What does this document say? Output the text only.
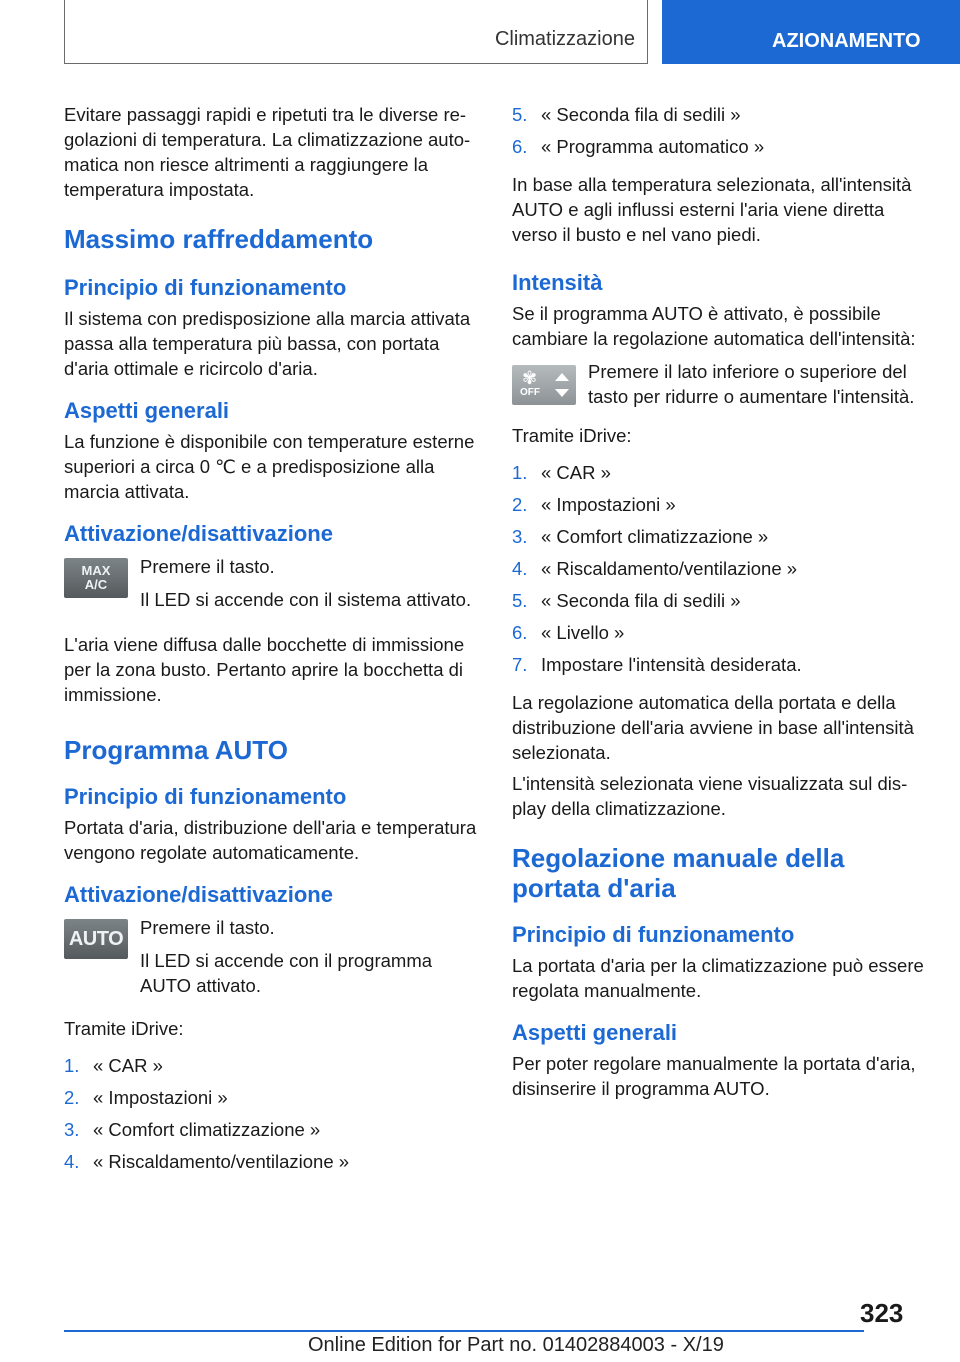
Climatizzazione	AZIONAMENTO

Evitare passaggi rapidi e ripetuti tra le diverse regolazioni di temperatura. La climatizzazione automatica non riesce altrimenti a raggiungere la temperatura impostata.

Massimo raffreddamento
Principio di funzionamento

Il sistema con predisposizione alla marcia attivata passa alla temperatura più bassa, con portata d'aria ottimale e ricircolo d'aria.

Aspetti generali

La funzione è disponibile con temperature esterne superiori a circa 0 ℃ e a predisposizione alla marcia attivata.

Attivazione/disattivazione
MAX
A/C
Premere il tasto.
Il LED si accende con il sistema attivato.

L'aria viene diffusa dalle bocchette di immissione per la zona busto. Pertanto aprire la bocchetta di immissione.

Programma AUTO
Principio di funzionamento

Portata d'aria, distribuzione dell'aria e temperatura vengono regolate automaticamente.

Attivazione/disattivazione
AUTO
Premere il tasto.
Il LED si accende con il programma AUTO attivato.

Tramite iDrive:

1. « CAR »
2. « Impostazioni »
3. « Comfort climatizzazione »
4. « Riscaldamento/ventilazione »
5. « Seconda fila di sedili »
6. « Programma automatico »

In base alla temperatura selezionata, all'intensità AUTO e agli influssi esterni l'aria viene diretta verso il busto e nel vano piedi.

Intensità

Se il programma AUTO è attivato, è possibile cambiare la regolazione automatica dell'intensità:

✾
OFF
Premere il lato inferiore o superiore del tasto per ridurre o aumentare l'intensità.

Tramite iDrive:

1. « CAR »
2. « Impostazioni »
3. « Comfort climatizzazione »
4. « Riscaldamento/ventilazione »
5. « Seconda fila di sedili »
6. « Livello »
7. Impostare l'intensità desiderata.

La regolazione automatica della portata e della distribuzione dell'aria avviene in base all'intensità selezionata.

L'intensità selezionata viene visualizzata sul display della climatizzazione.

Regolazione manuale della portata d'aria
Principio di funzionamento

La portata d'aria per la climatizzazione può essere regolata manualmente.

Aspetti generali

Per poter regolare manualmente la portata d'aria, disinserire il programma AUTO.

323
Online Edition for Part no. 01402884003 - X/19
